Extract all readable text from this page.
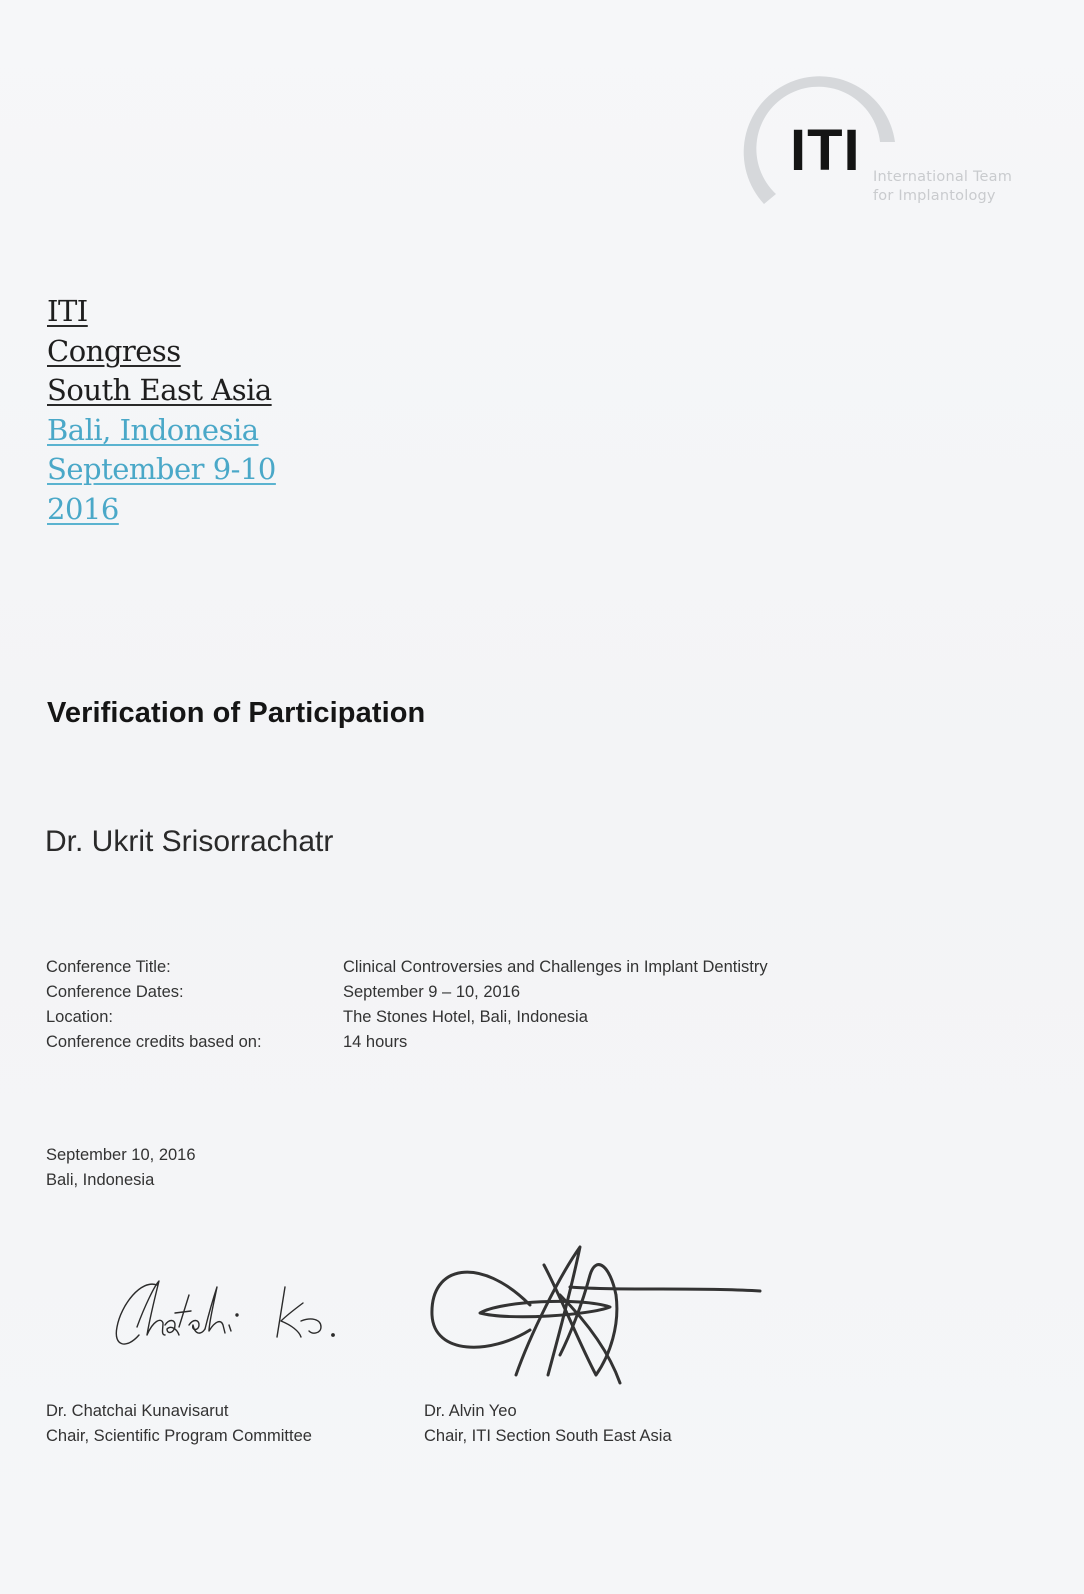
ITI International Team
for Implantology
ITI
Congress
South East Asia
Bali, Indonesia
September 9-10
2016
Verification of Participation
Dr. Ukrit Srisorrachatr
Conference Title:	Clinical Controversies and Challenges in Implant Dentistry
Conference Dates:	September 9 – 10, 2016
Location:	The Stones Hotel, Bali, Indonesia
Conference credits based on:	14 hours
September 10, 2016
Bali, Indonesia
Dr. Chatchai Kunavisarut
Chair, Scientific Program Committee
Dr. Alvin Yeo
Chair, ITI Section South East Asia
